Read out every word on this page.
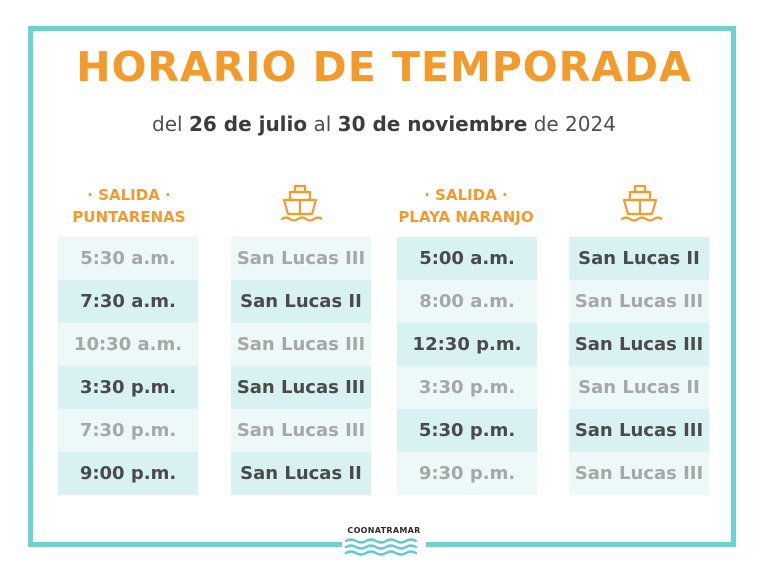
HORARIO DE TEMPORADA
del 26 de julio al 30 de noviembre de 2024
· SALIDA ·
PUNTARENAS
· SALIDA ·
PLAYA NARANJO
5:30 a.m.
7:30 a.m.
10:30 a.m.
3:30 p.m.
7:30 p.m.
9:00 p.m.
San Lucas III
San Lucas II
San Lucas III
San Lucas III
San Lucas III
San Lucas II
5:00 a.m.
8:00 a.m.
12:30 p.m.
3:30 p.m.
5:30 p.m.
9:30 p.m.
San Lucas II
San Lucas III
San Lucas III
San Lucas II
San Lucas III
San Lucas III
COONATRAMAR
